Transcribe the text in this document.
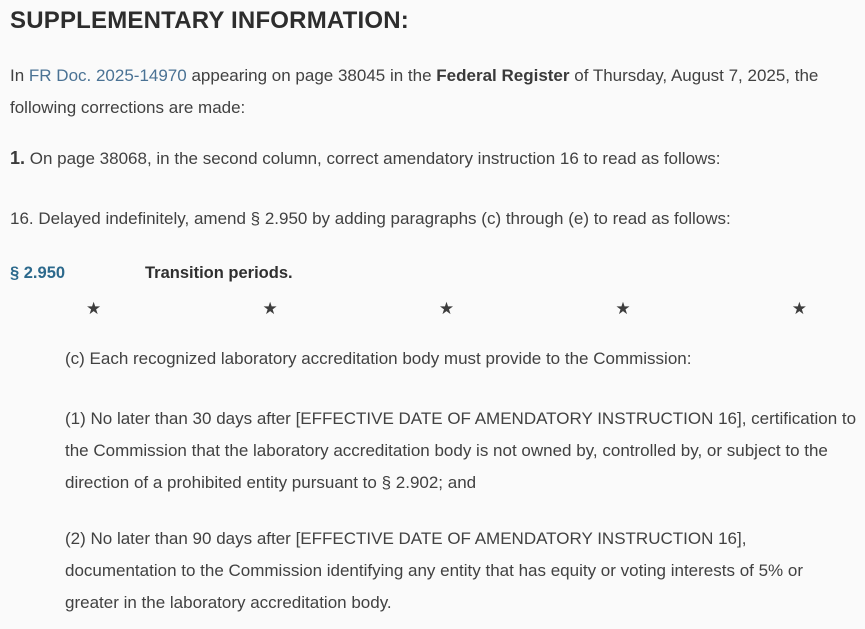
SUPPLEMENTARY INFORMATION:

In FR Doc. 2025-14970 appearing on page 38045 in the Federal Register of Thursday, August 7, 2025, the following corrections are made:

1. On page 38068, in the second column, correct amendatory instruction 16 to read as follows:

16. Delayed indefinitely, amend § 2.950 by adding paragraphs (c) through (e) to read as follows:

§ 2.950	Transition periods.
★	★	★	★	★

(c) Each recognized laboratory accreditation body must provide to the Commission:

(1) No later than 30 days after [EFFECTIVE DATE OF AMENDATORY INSTRUCTION 16], certification to the Commission that the laboratory accreditation body is not owned by, controlled by, or subject to the direction of a prohibited entity pursuant to § 2.902; and

(2) No later than 90 days after [EFFECTIVE DATE OF AMENDATORY INSTRUCTION 16], documentation to the Commission identifying any entity that has equity or voting interests of 5% or greater in the laboratory accreditation body.
